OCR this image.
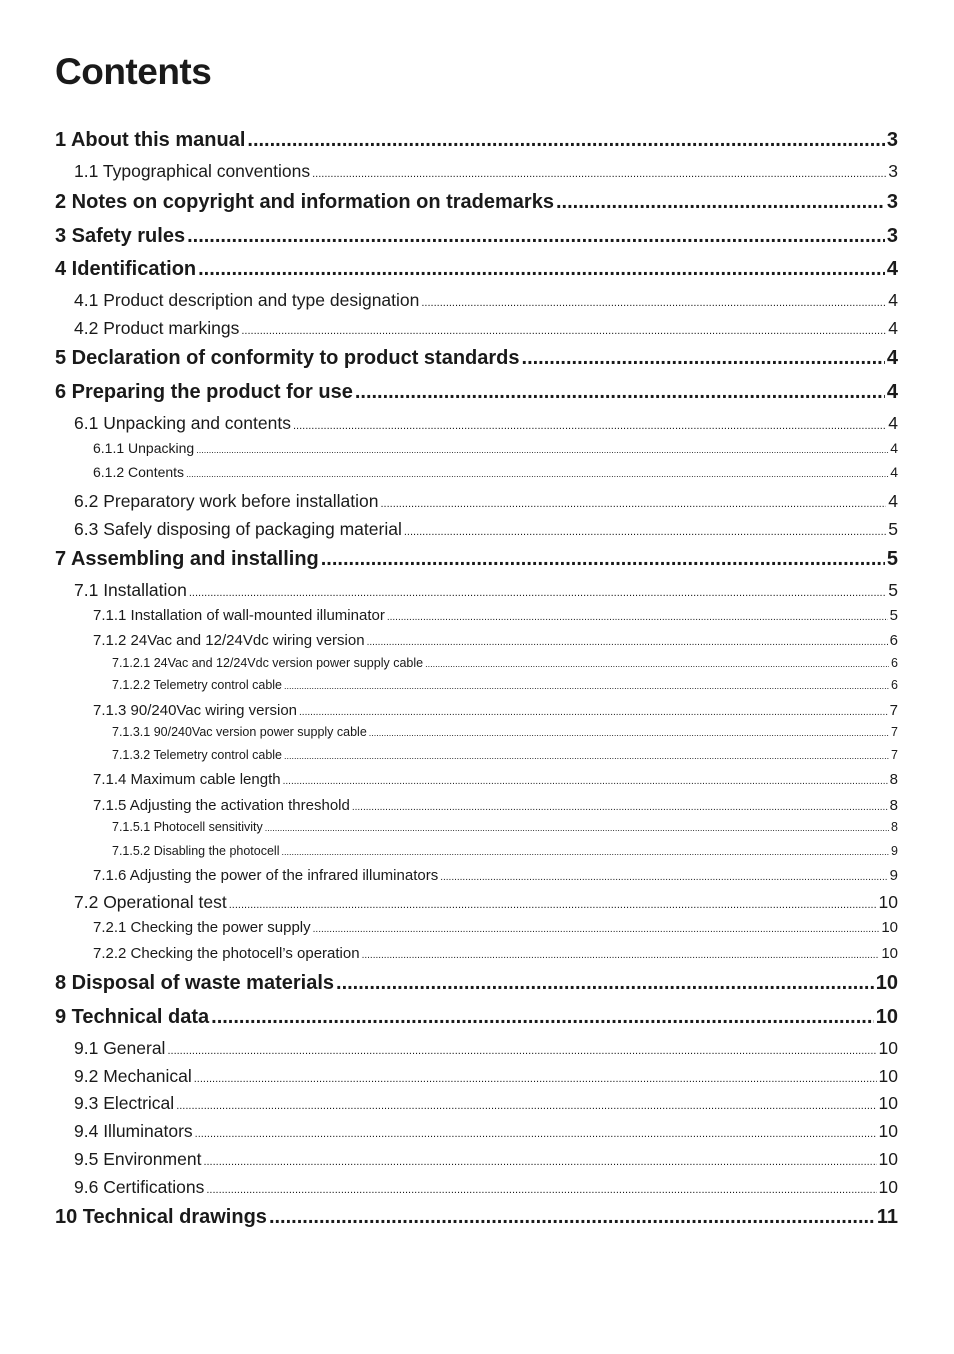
Contents
1 About this manual .....	3
1.1 Typographical conventions .....	3
2 Notes on copyright and information on trademarks .....	3
3 Safety rules .....	3
4 Identification .....	4
4.1 Product description and type designation .....	4
4.2 Product markings .....	4
5 Declaration of conformity to product standards .....	4
6 Preparing the product for use .....	4
6.1 Unpacking and contents .....	4
6.1.1 Unpacking .....	4
6.1.2 Contents .....	4
6.2 Preparatory work before installation .....	4
6.3 Safely disposing of packaging material .....	5
7 Assembling and installing .....	5
7.1 Installation .....	5
7.1.1 Installation of wall-mounted illuminator .....	5
7.1.2 24Vac and 12/24Vdc wiring version .....	6
7.1.2.1 24Vac and 12/24Vdc version power supply cable .....	6
7.1.2.2 Telemetry control cable .....	6
7.1.3 90/240Vac wiring version .....	7
7.1.3.1 90/240Vac version power supply cable .....	7
7.1.3.2 Telemetry control cable .....	7
7.1.4 Maximum cable length .....	8
7.1.5 Adjusting the activation threshold .....	8
7.1.5.1 Photocell sensitivity .....	8
7.1.5.2 Disabling the photocell .....	9
7.1.6 Adjusting the power of the infrared illuminators .....	9
7.2 Operational test .....	10
7.2.1 Checking the power supply .....	10
7.2.2 Checking the photocell’s operation .....	10
8 Disposal of waste materials .....	10
9 Technical data .....	10
9.1 General .....	10
9.2 Mechanical .....	10
9.3 Electrical .....	10
9.4 Illuminators .....	10
9.5 Environment .....	10
9.6 Certifications .....	10
10 Technical drawings .....	11
